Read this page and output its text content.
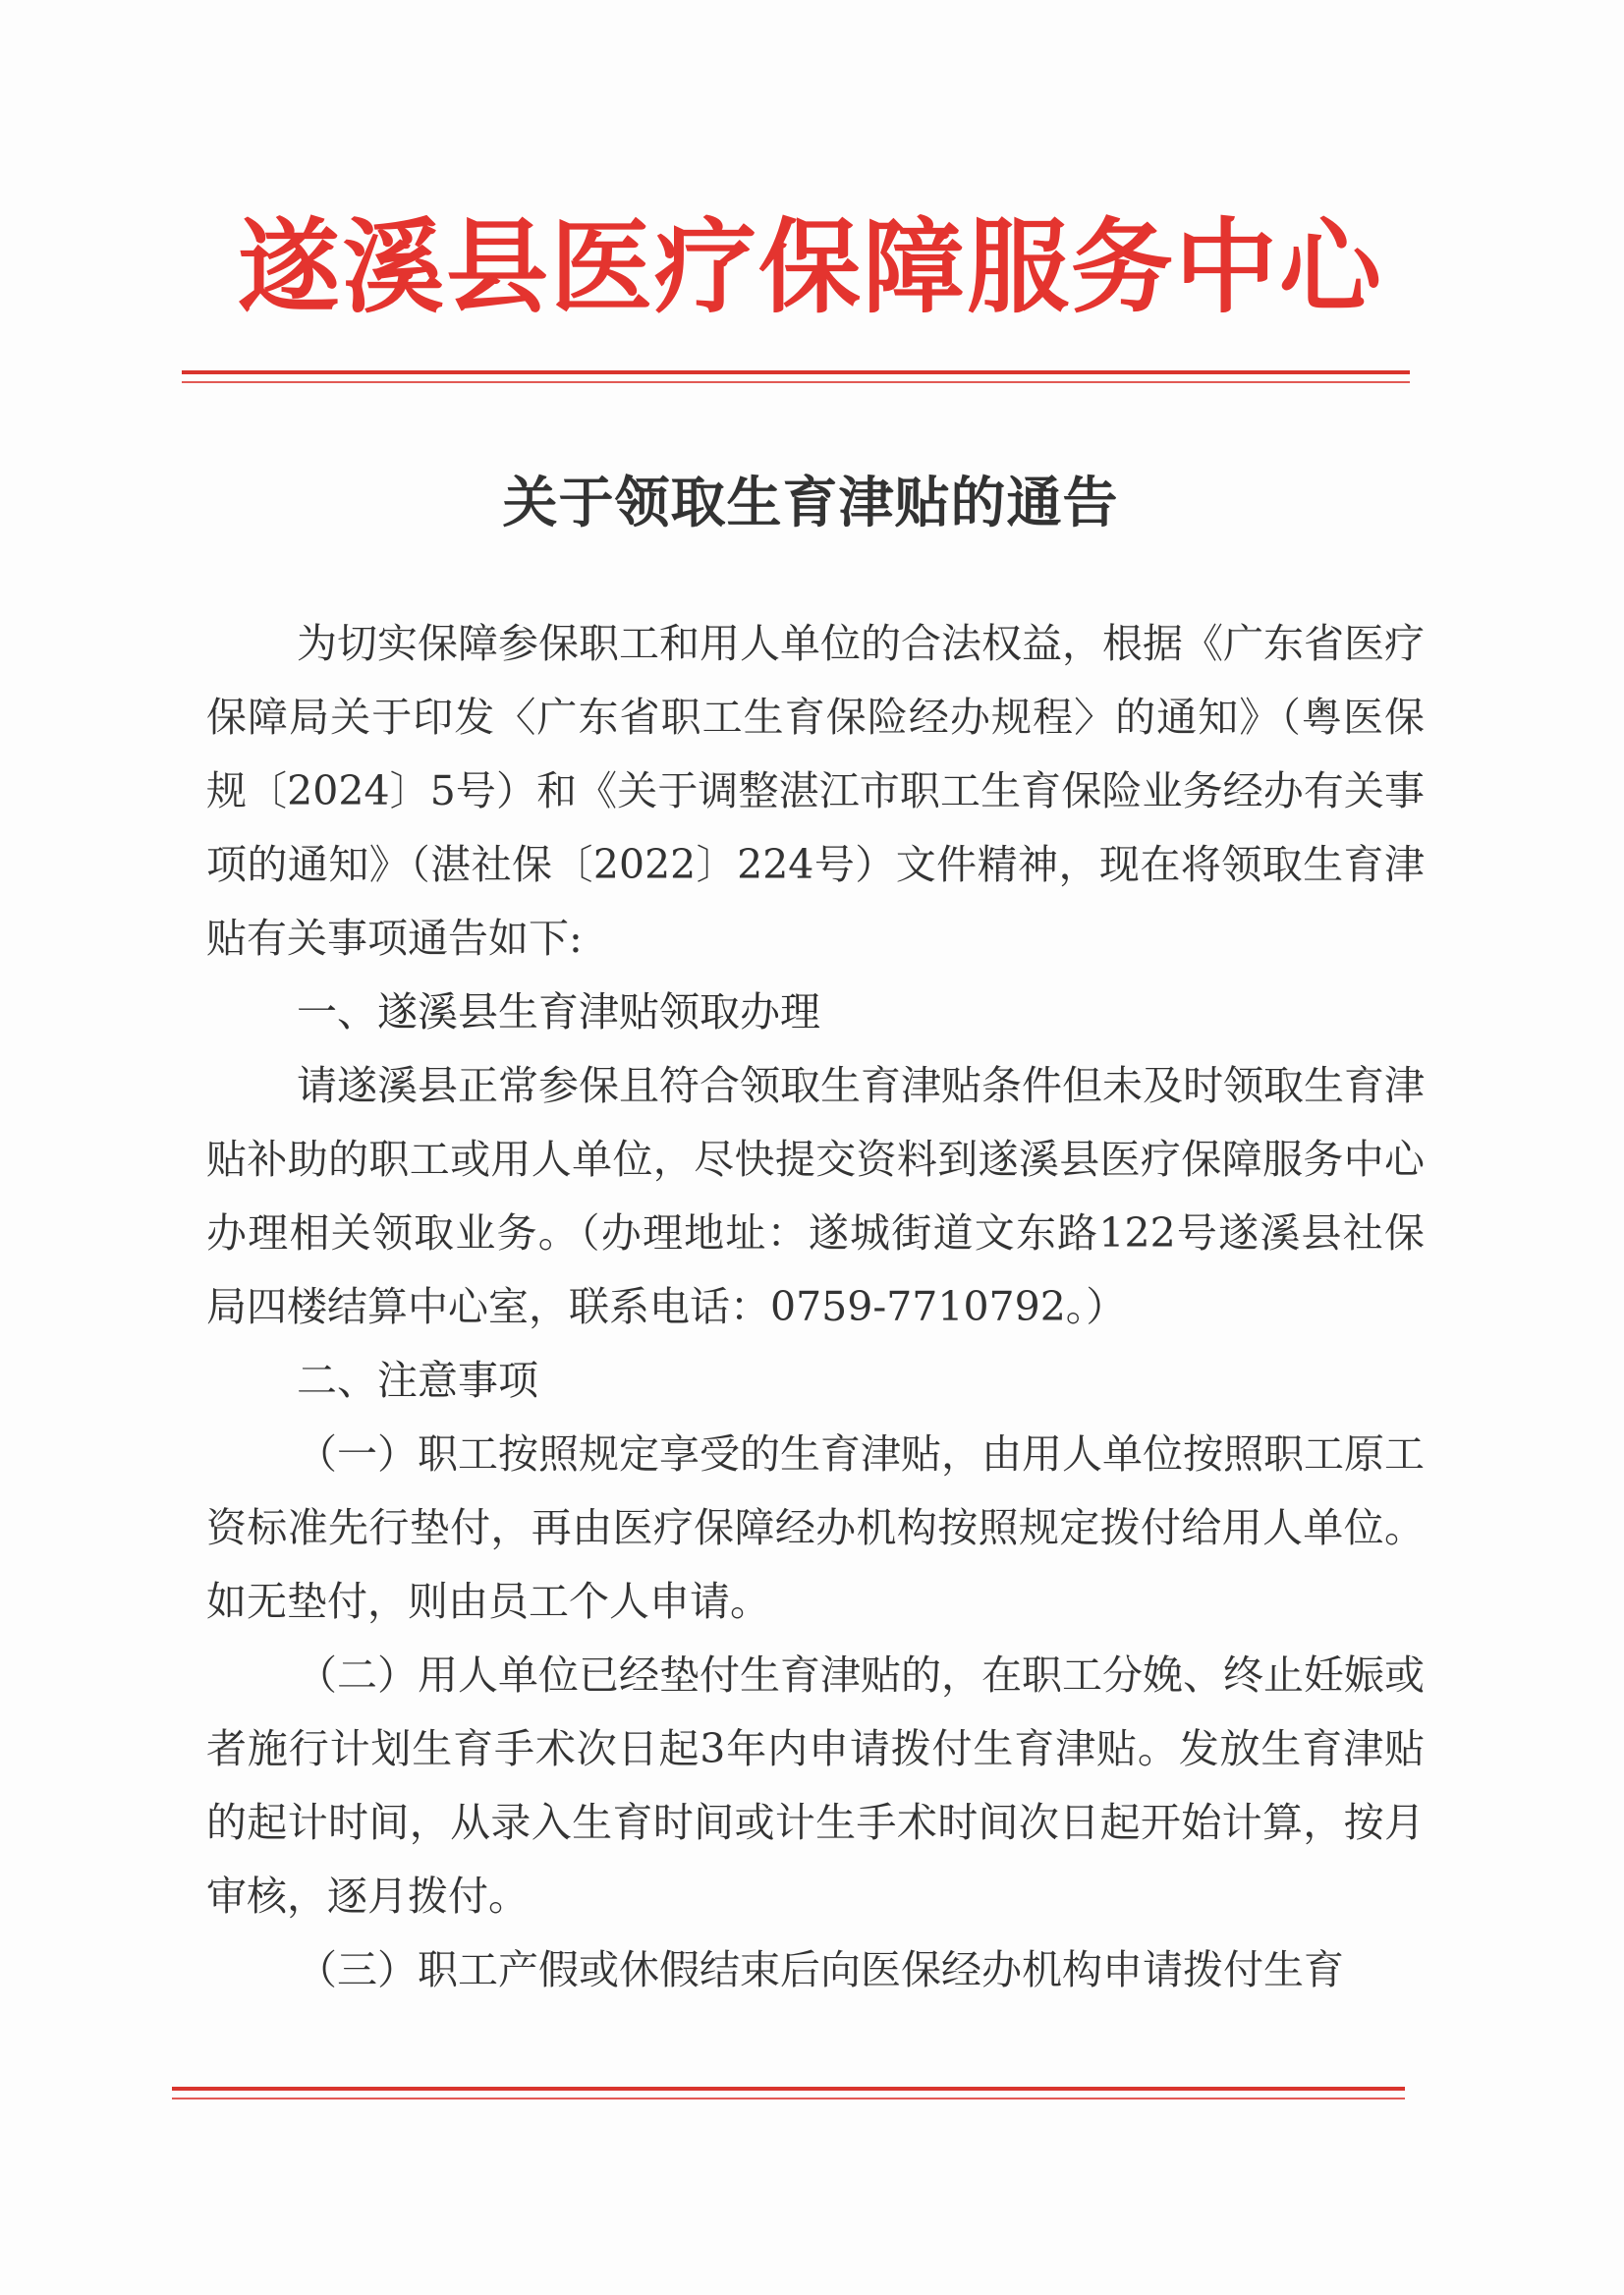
遂溪县医疗保障服务中心
关于领取生育津贴的通告

为切实保障参保职工和用人单位的合法权益，根据《广东省医疗保障局关于印发〈广东省职工生育保险经办规程〉的通知》（粤医保规〔2024〕5号）和《关于调整湛江市职工生育保险业务经办有关事项的通知》（湛社保〔2022〕224号）文件精神，现在将领取生育津贴有关事项通告如下:

一、遂溪县生育津贴领取办理

请遂溪县正常参保且符合领取生育津贴条件但未及时领取生育津贴补助的职工或用人单位，尽快提交资料到遂溪县医疗保障服务中心办理相关领取业务。（办理地址：遂城街道文东路122号遂溪县社保局四楼结算中心室，联系电话：0759-7710792。）

二、注意事项

（一）职工按照规定享受的生育津贴，由用人单位按照职工原工资标准先行垫付，再由医疗保障经办机构按照规定拨付给用人单位。如无垫付，则由员工个人申请。

（二）用人单位已经垫付生育津贴的，在职工分娩、终止妊娠或者施行计划生育手术次日起3年内申请拨付生育津贴。发放生育津贴的起计时间，从录入生育时间或计生手术时间次日起开始计算，按月审核，逐月拨付。

（三）职工产假或休假结束后向医保经办机构申请拨付生育
